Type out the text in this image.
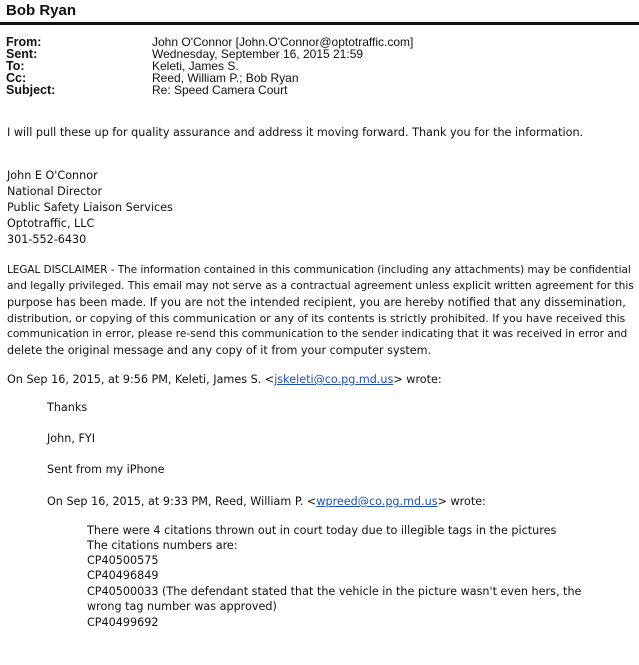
Bob Ryan
From:	John O'Connor [John.O'Connor@optotraffic.com]
Sent:	Wednesday, September 16, 2015 21:59
To:	Keleti, James S.
Cc:	Reed, William P.; Bob Ryan
Subject:	Re: Speed Camera Court
I will pull these up for quality assurance and address it moving forward. Thank you for the information.
John E O'Connor
National Director
Public Safety Liaison Services
Optotraffic, LLC
301-552-6430
LEGAL DISCLAIMER - The information contained in this communication (including any attachments) may be confidential
and legally privileged. This email may not serve as a contractual agreement unless explicit written agreement for this
purpose has been made. If you are not the intended recipient, you are hereby notified that any dissemination,
distribution, or copying of this communication or any of its contents is strictly prohibited. If you have received this
communication in error, please re-send this communication to the sender indicating that it was received in error and
delete the original message and any copy of it from your computer system.
On Sep 16, 2015, at 9:56 PM, Keleti, James S. <jskeleti@co.pg.md.us> wrote:
Thanks
John, FYI
Sent from my iPhone
On Sep 16, 2015, at 9:33 PM, Reed, William P. <wpreed@co.pg.md.us> wrote:
There were 4 citations thrown out in court today due to illegible tags in the pictures
The citations numbers are:
CP40500575
CP40496849
CP40500033 (The defendant stated that the vehicle in the picture wasn't even hers, the
wrong tag number was approved)
CP40499692
